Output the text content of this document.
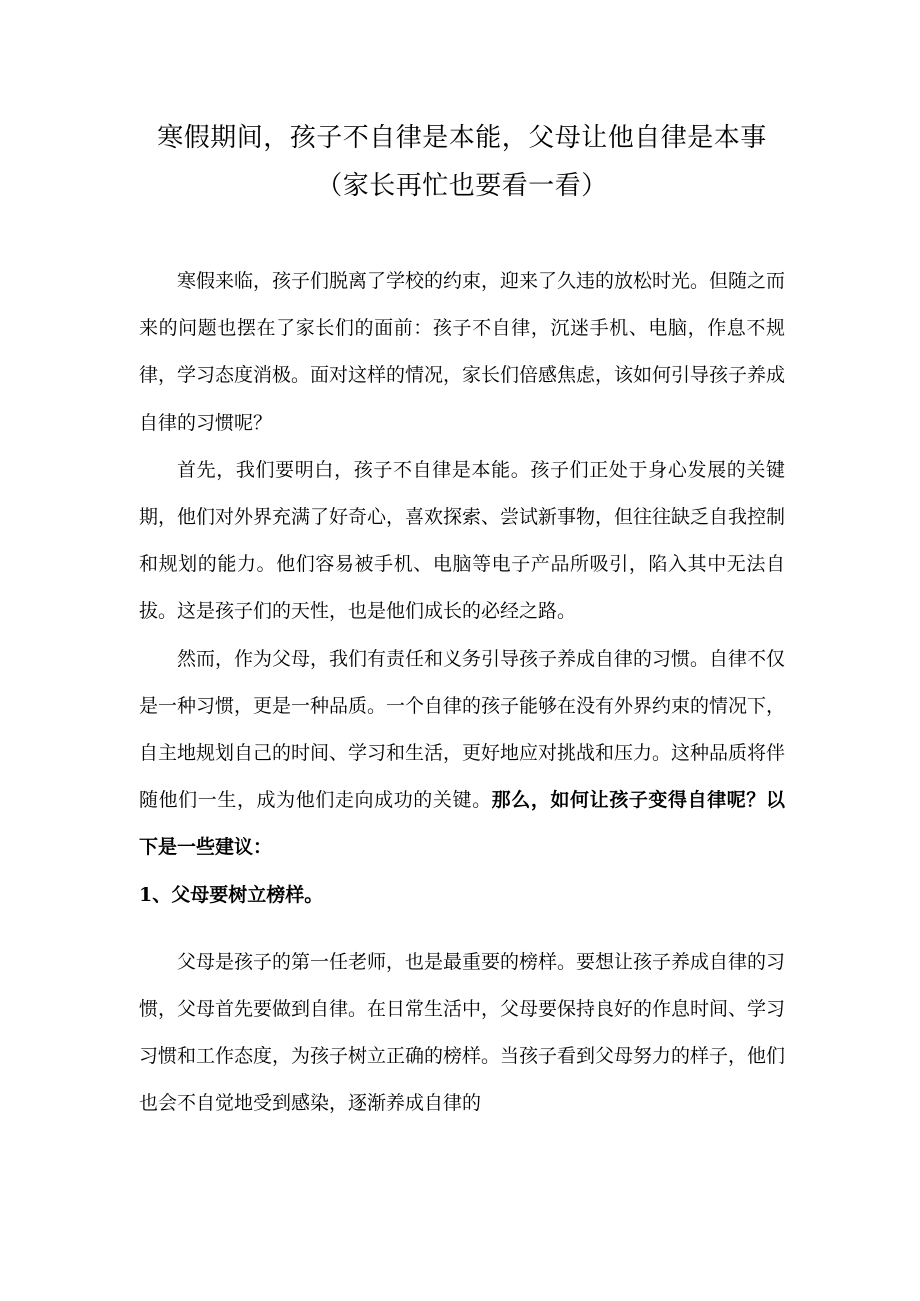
寒假期间，孩子不自律是本能，父母让他自律是本事（家长再忙也要看一看）

寒假来临，孩子们脱离了学校的约束，迎来了久违的放松时光。但随之而来的问题也摆在了家长们的面前：孩子不自律，沉迷手机、电脑，作息不规律，学习态度消极。面对这样的情况，家长们倍感焦虑，该如何引导孩子养成自律的习惯呢？

首先，我们要明白，孩子不自律是本能。孩子们正处于身心发展的关键期，他们对外界充满了好奇心，喜欢探索、尝试新事物，但往往缺乏自我控制和规划的能力。他们容易被手机、电脑等电子产品所吸引，陷入其中无法自拔。这是孩子们的天性，也是他们成长的必经之路。

然而，作为父母，我们有责任和义务引导孩子养成自律的习惯。自律不仅是一种习惯，更是一种品质。一个自律的孩子能够在没有外界约束的情况下，自主地规划自己的时间、学习和生活，更好地应对挑战和压力。这种品质将伴随他们一生，成为他们走向成功的关键。那么，如何让孩子变得自律呢？以下是一些建议：

1、父母要树立榜样。

父母是孩子的第一任老师，也是最重要的榜样。要想让孩子养成自律的习惯，父母首先要做到自律。在日常生活中，父母要保持良好的作息时间、学习习惯和工作态度，为孩子树立正确的榜样。当孩子看到父母努力的样子，他们也会不自觉地受到感染，逐渐养成自律的
